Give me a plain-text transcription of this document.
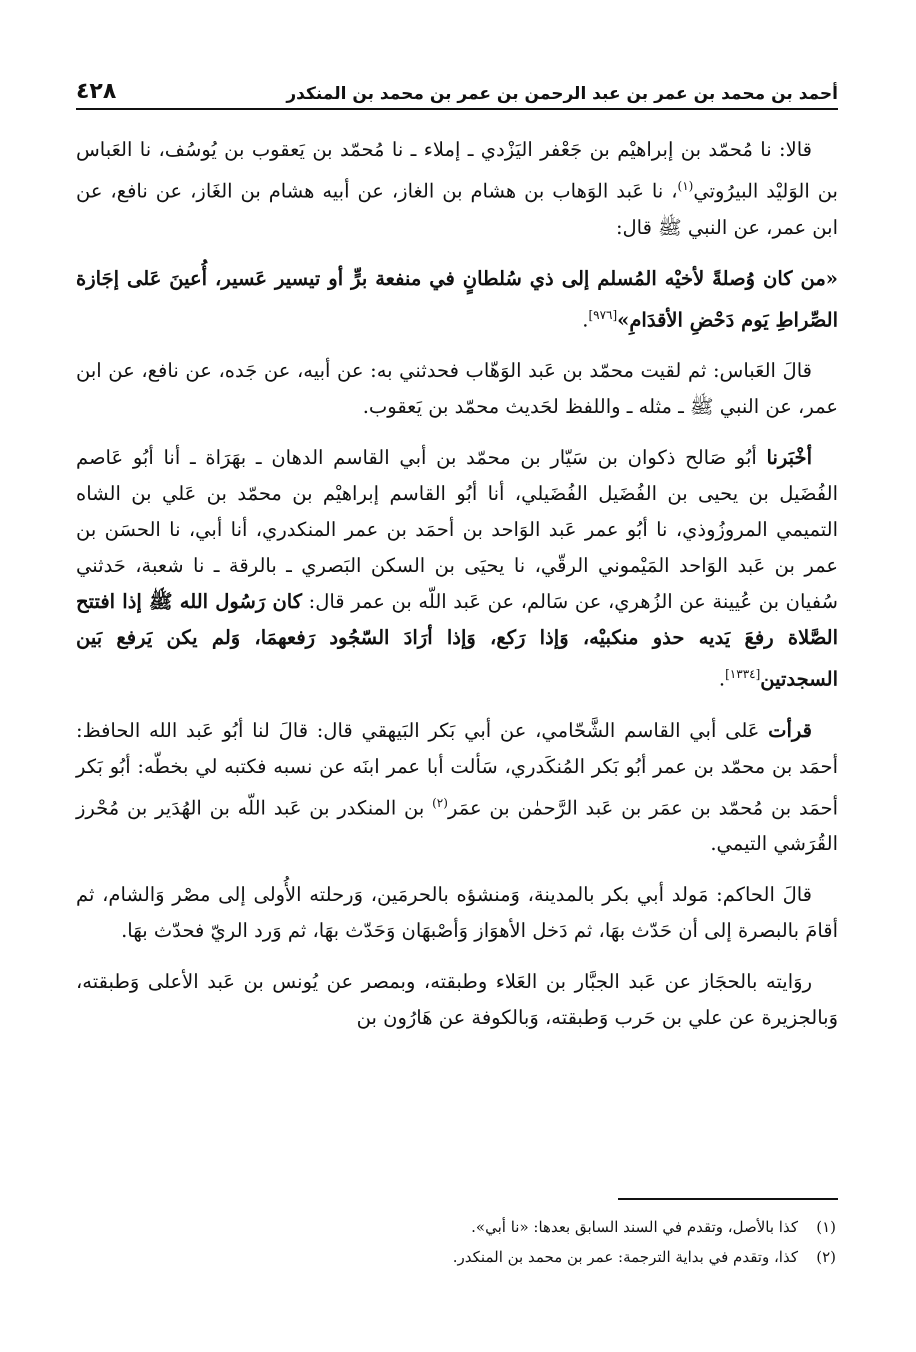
أحمد بن محمد بن عمر بن عبد الرحمن بن عمر بن محمد بن المنكدر
٤٢٨

قالا: نا مُحمّد بن إبراهيْم بن جَعْفر اليَزْدي ـ إملاء ـ نا مُحمّد بن يَعقوب بن يُوسُف، نا العَباس بن الوَليْد البيرُوتي$^{(١)}$، نا عَبد الوَهاب بن هشام بن الغاز، عن أبيه هشام بن الغَاز، عن نافع، عن ابن عمر، عن النبي ﷺ قال:

«من كان وُصلةً لأخيْه المُسلم إلى ذي سُلطانٍ في منفعة برٍّ أو تيسير عَسير، أُعينَ عَلى إجَازة الصِّراطِ يَوم دَحْضِ الأقدَامِ»[٩٧٦].

قالَ العَباس: ثم لقيت محمّد بن عَبد الوَهّاب فحدثني به: عن أبيه، عن جَده، عن نافع، عن ابن عمر، عن النبي ﷺ ـ مثله ـ واللفظ لحَديث محمّد بن يَعقوب.

أخْبَرنا أبُو صَالح ذكوان بن سَيّار بن محمّد بن أبي القاسم الدهان ـ بهَرَاة ـ أنا أبُو عَاصم الفُضَيل بن يحيى بن الفُضَيل الفُضَيلي، أنا أبُو القاسم إبراهيْم بن محمّد بن عَلي بن الشاه التميمي المروزُوذي، نا أبُو عمر عَبد الوَاحد بن أحمَد بن عمر المنكدري، أنا أبي، نا الحسَن بن عمر بن عَبد الوَاحد المَيْموني الرقّي، نا يحيَى بن السكن البَصري ـ بالرقة ـ نا شعبة، حَدثني سُفيان بن عُيينة عن الزُهري، عن سَالم، عن عَبد اللّه بن عمر قال: كان رَسُول الله ﷺ إذا افتتح الصَّلاة رفعَ يَديه حذو منكبيْه، وَإذا رَكع، وَإذا أرَادَ السّجُود رَفعهمَا، وَلم يكن يَرفع بَين السجدتين[١٣٣٤].

قرأت عَلى أبي القاسم الشَّحّامي، عن أبي بَكر البَيهقي قال: قالَ لنا أبُو عَبد الله الحافظ: أحمَد بن محمّد بن عمر أبُو بَكر المُنكَدري، سَألت أبا عمر ابنَه عن نسبه فكتبه لي بخطّه: أبُو بَكر أحمَد بن مُحمّد بن عمَر بن عَبد الرَّحمٰن بن عمَر$^{(٢)}$ بن المنكدر بن عَبد اللّه بن الهُدَير بن مُحْرز القُرَشي التيمي.

قالَ الحاكم: مَولد أبي بكر بالمدينة، وَمنشؤه بالحرمَين، وَرحلته الأُولى إلى مصْر وَالشام، ثم أقامَ بالبصرة إلى أن حَدّث بهَا، ثم دَخل الأهوَاز وَأصْبهَان وَحَدّث بهَا، ثم وَرد الريّ فحدّث بهَا.

روَايته بالحجَاز عن عَبد الجبَّار بن العَلاء وطبقته، وبمصر عن يُونس بن عَبد الأعلى وَطبقته، وَبالجزيرة عن علي بن حَرب وَطبقته، وَبالكوفة عن هَارُون بن

(١)كذا بالأصل، وتقدم في السند السابق بعدها: «نا أبي».

(٢)كذا، وتقدم في بداية الترجمة: عمر بن محمد بن المنكدر.
